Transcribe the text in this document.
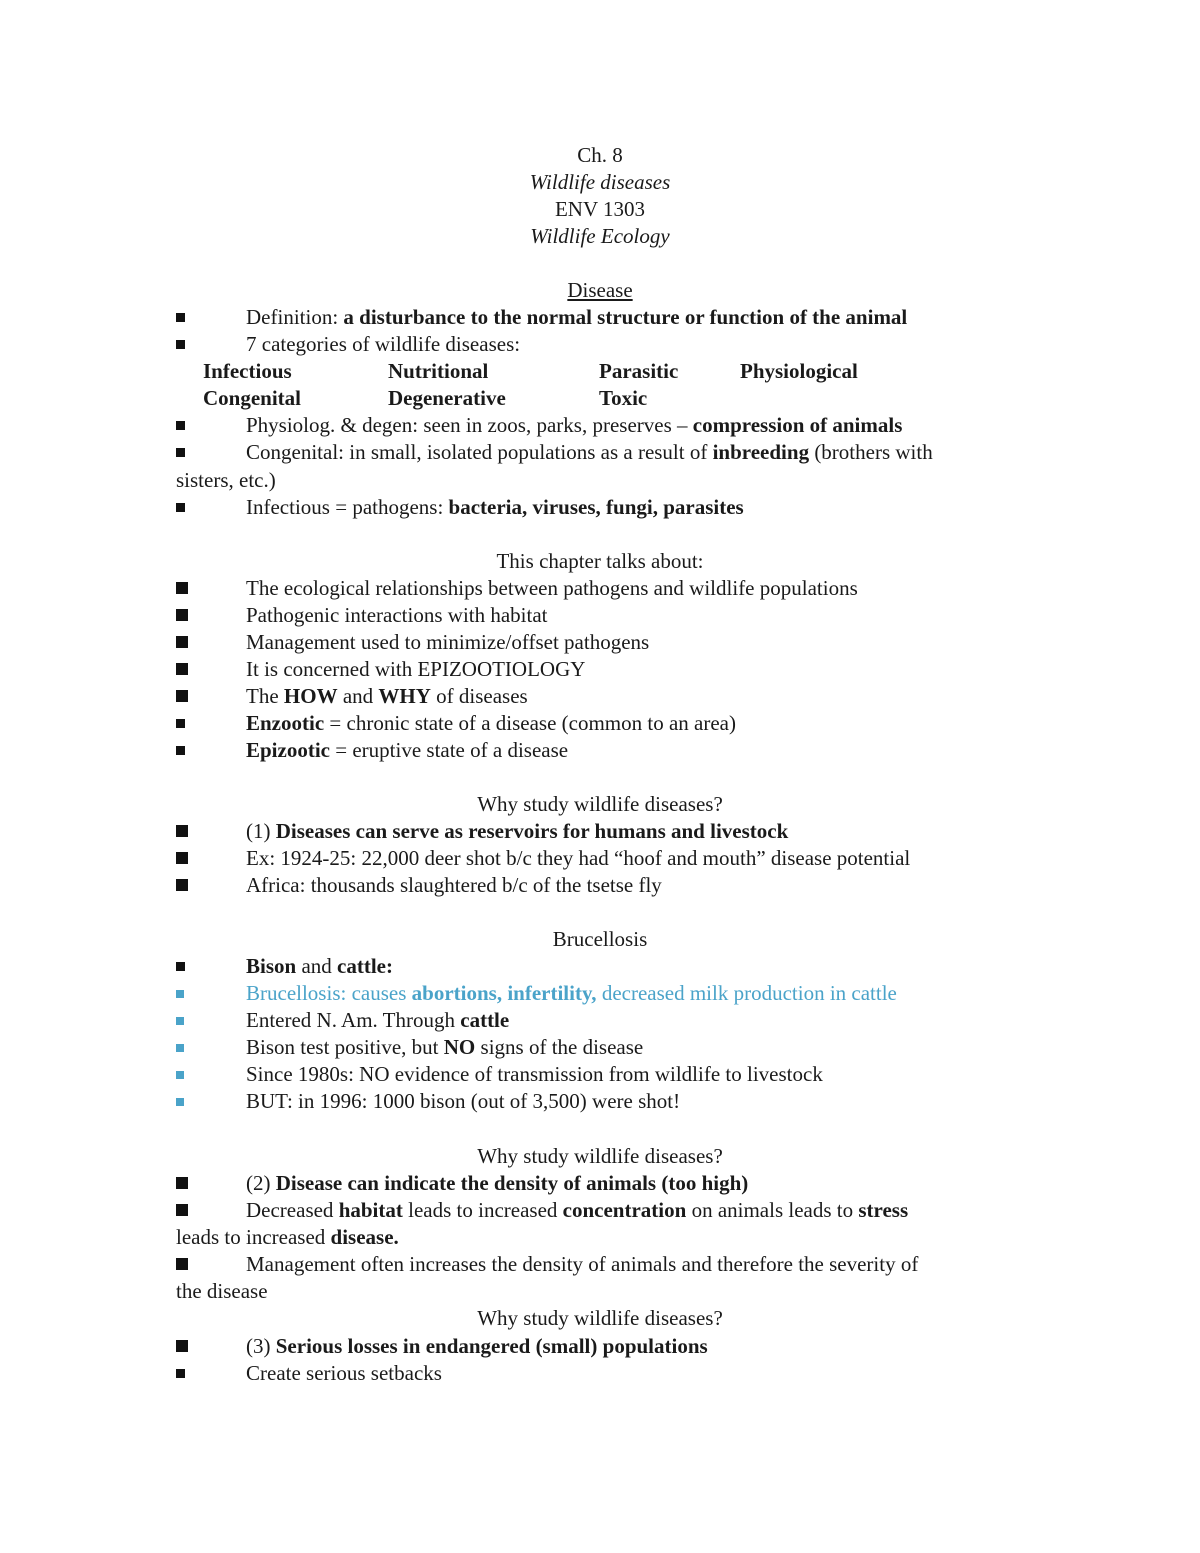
Ch. 8
Wildlife diseases
ENV 1303
Wildlife Ecology
Disease
Definition: a disturbance to the normal structure or function of the animal
7 categories of wildlife diseases:
Infectious	Nutritional	Parasitic	Physiological
Congenital	Degenerative	Toxic
Physiolog. & degen: seen in zoos, parks, preserves – compression of animals
Congenital: in small, isolated populations as a result of inbreeding (brothers with
sisters, etc.)
Infectious = pathogens: bacteria, viruses, fungi, parasites
This chapter talks about:
The ecological relationships between pathogens and wildlife populations
Pathogenic interactions with habitat
Management used to minimize/offset pathogens
It is concerned with EPIZOOTIOLOGY
The HOW and WHY of diseases
Enzootic = chronic state of a disease (common to an area)
Epizootic = eruptive state of a disease
Why study wildlife diseases?
(1) Diseases can serve as reservoirs for humans and livestock
Ex: 1924-25: 22,000 deer shot b/c they had “hoof and mouth” disease potential
Africa: thousands slaughtered b/c of the tsetse fly
Brucellosis
Bison and cattle:
Brucellosis: causes abortions, infertility, decreased milk production in cattle
Entered N. Am. Through cattle
Bison test positive, but NO signs of the disease
Since 1980s: NO evidence of transmission from wildlife to livestock
BUT: in 1996: 1000 bison (out of 3,500) were shot!
Why study wildlife diseases?
(2) Disease can indicate the density of animals (too high)
Decreased habitat leads to increased concentration on animals leads to stress
leads to increased disease.
Management often increases the density of animals and therefore the severity of
the disease
Why study wildlife diseases?
(3) Serious losses in endangered (small) populations
Create serious setbacks
